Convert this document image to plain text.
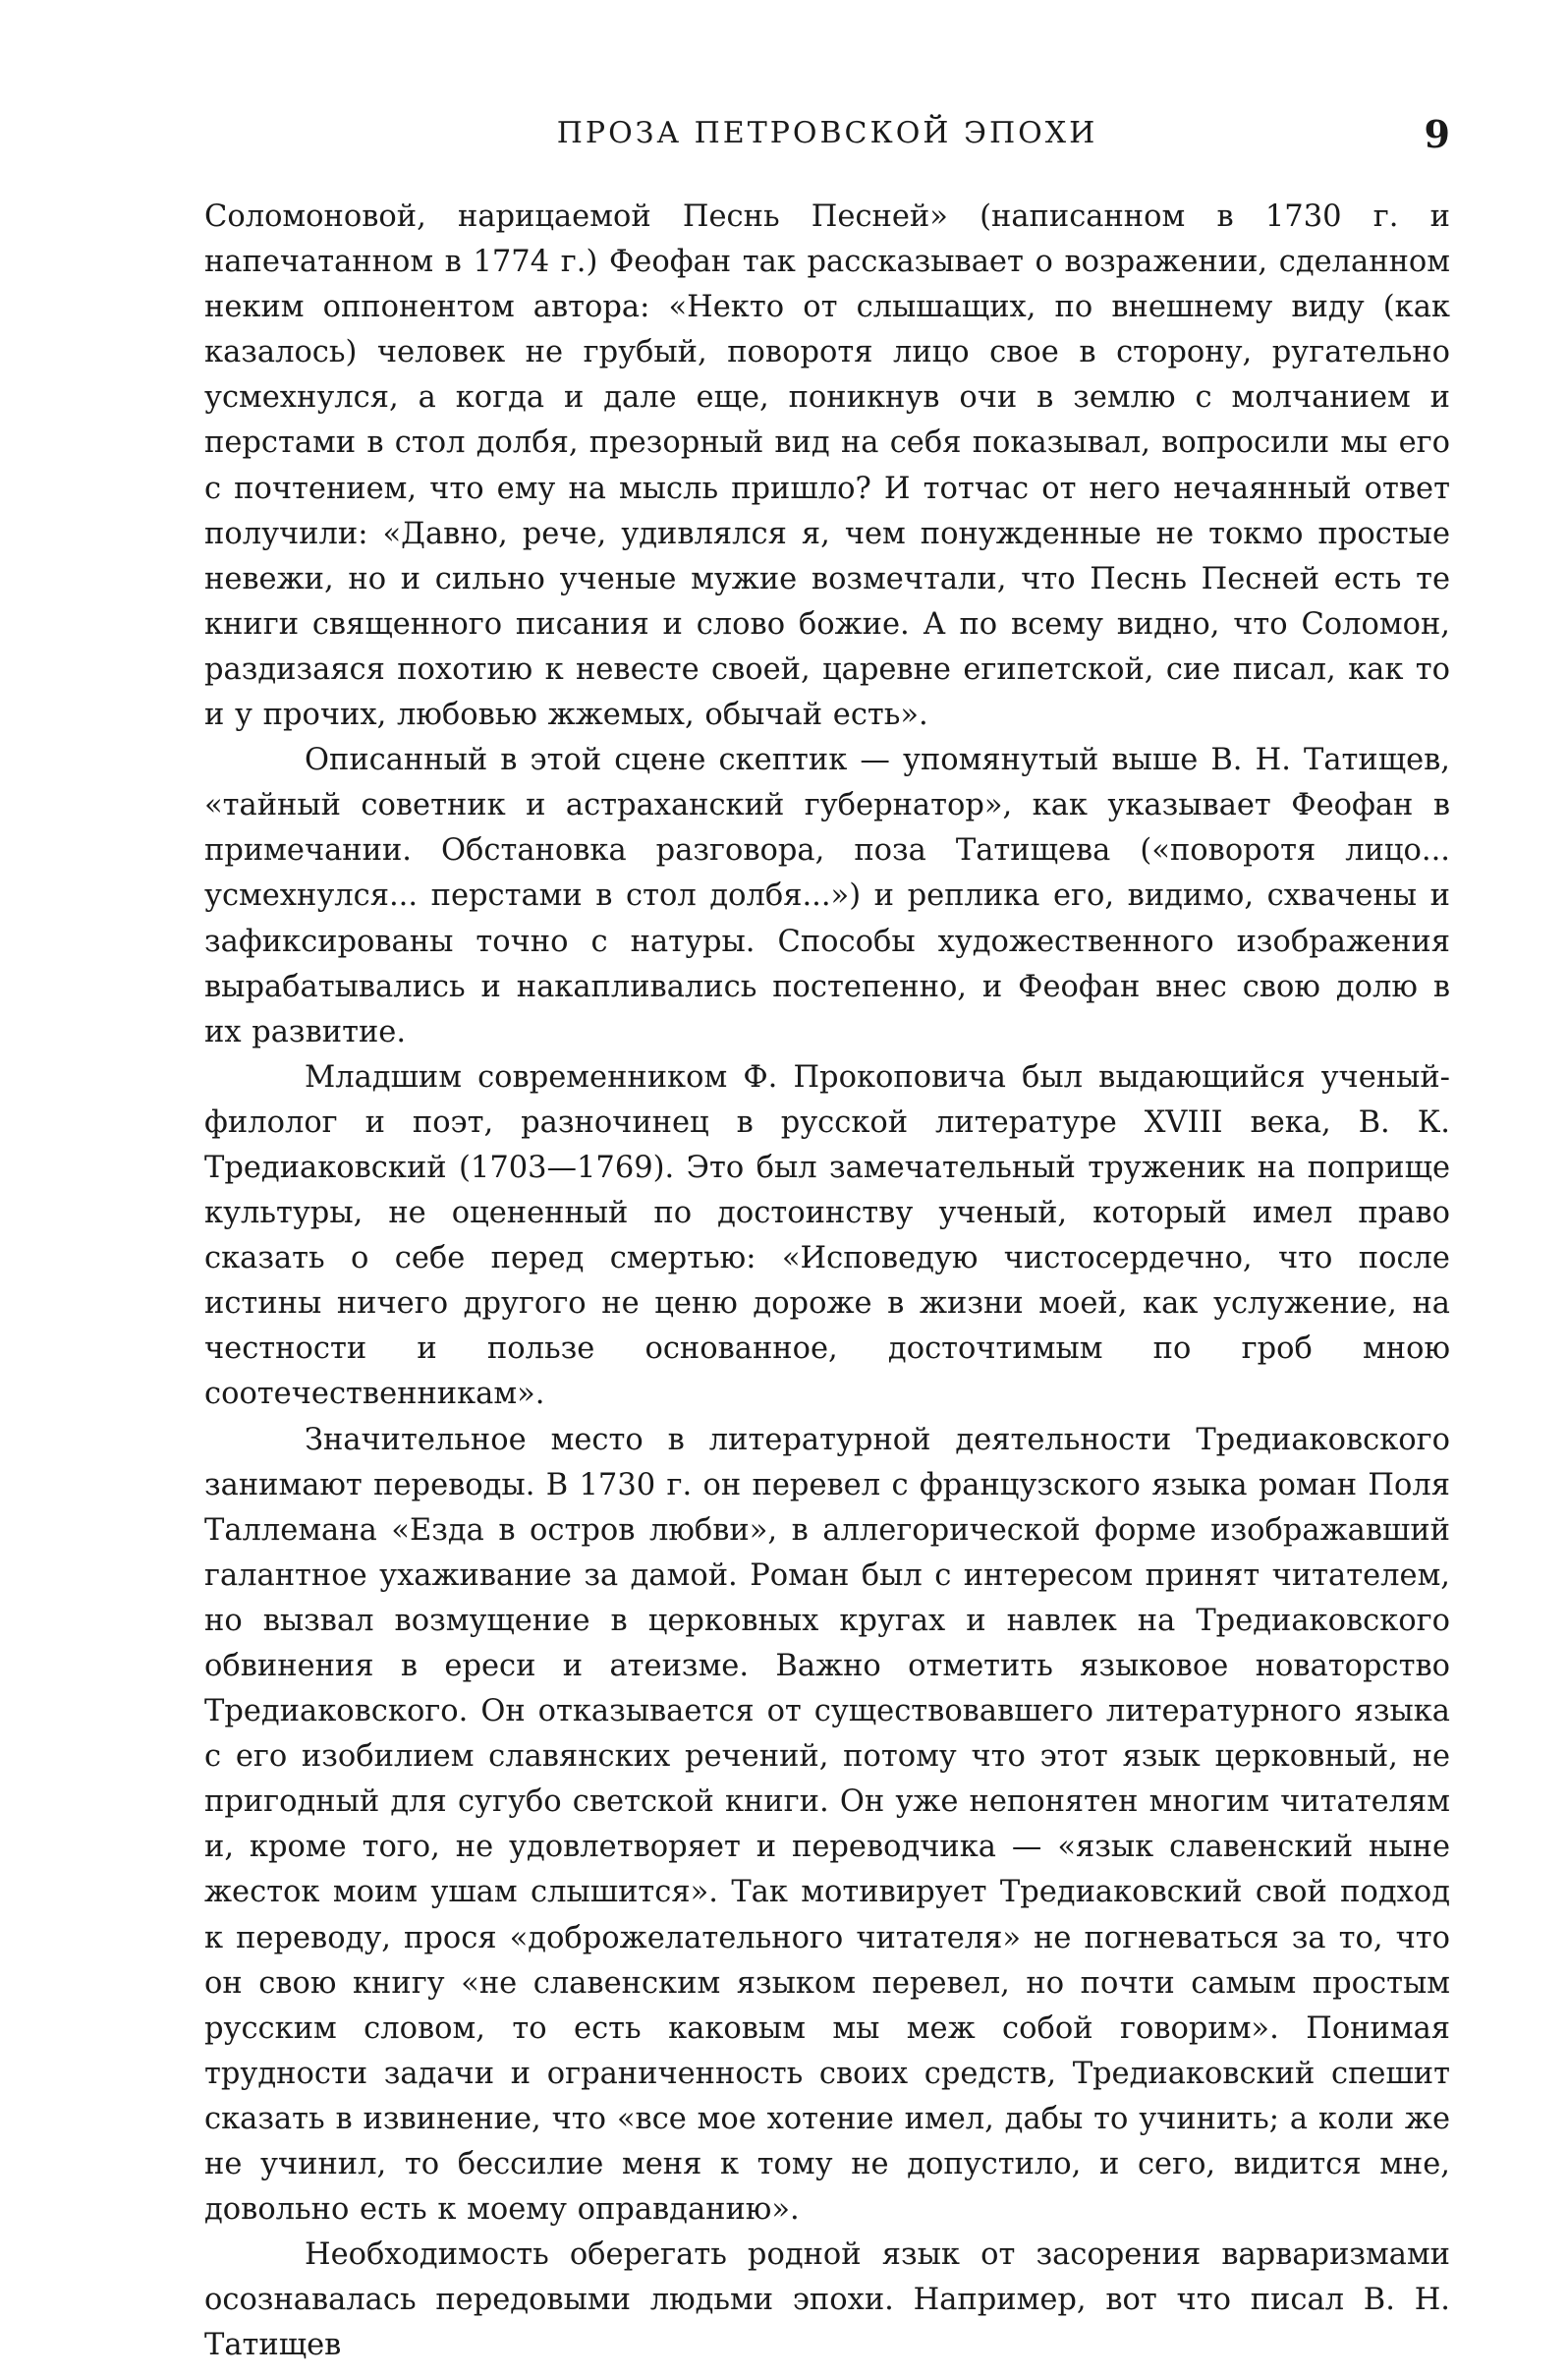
ПРОЗА ПЕТРОВСКОЙ ЭПОХИ	9

Соломоновой, нарицаемой Песнь Песней» (написанном в 1730 г. и напечатанном в 1774 г.) Феофан так рассказывает о возражении, сделанном неким оппонентом автора: «Некто от слышащих, по внешнему виду (как казалось) человек не грубый, поворотя лицо свое в сторону, ругательно усмехнулся, а когда и дале еще, поникнув очи в землю с молчанием и перстами в стол долбя, презорный вид на себя показывал, вопросили мы его с почтением, что ему на мысль пришло? И тотчас от него нечаянный ответ получили: «Давно, рече, удивлялся я, чем понужденные не токмо простые невежи, но и сильно ученые мужие возмечтали, что Песнь Песней есть те книги священного писания и слово божие. А по всему видно, что Соломон, раздизаяся похотию к невесте своей, царевне египетской, сие писал, как то и у прочих, любовью жжемых, обычай есть».

Описанный в этой сцене скептик — упомянутый выше В. Н. Татищев, «тайный советник и астраханский губернатор», как указывает Феофан в примечании. Обстановка разговора, поза Татищева («поворотя лицо... усмехнулся... перстами в стол долбя...») и реплика его, видимо, схвачены и зафиксированы точно с натуры. Способы художественного изображения вырабатывались и накапливались постепенно, и Феофан внес свою долю в их развитие.

Младшим современником Ф. Прокоповича был выдающийся ученый-филолог и поэт, разночинец в русской литературе XVIII века, В. К. Тредиаковский (1703—1769). Это был замечательный труженик на поприще культуры, не оцененный по достоинству ученый, который имел право сказать о себе перед смертью: «Исповедую чистосердечно, что после истины ничего другого не ценю дороже в жизни моей, как услужение, на честности и пользе основанное, досточтимым по гроб мною соотечественникам».

Значительное место в литературной деятельности Тредиаковского занимают переводы. В 1730 г. он перевел с французского языка роман Поля Таллемана «Езда в остров любви», в аллегорической форме изображавший галантное ухаживание за дамой. Роман был с интересом принят читателем, но вызвал возмущение в церковных кругах и навлек на Тредиаковского обвинения в ереси и атеизме. Важно отметить языковое новаторство Тредиаковского. Он отказывается от существовавшего литературного языка с его изобилием славянских речений, потому что этот язык церковный, не пригодный для сугубо светской книги. Он уже непонятен многим читателям и, кроме того, не удовлетворяет и переводчика — «язык славенский ныне жесток моим ушам слышится». Так мотивирует Тредиаковский свой подход к переводу, прося «доброжелательного читателя» не погневаться за то, что он свою книгу «не славенским языком перевел, но почти самым простым русским словом, то есть каковым мы меж собой говорим». Понимая трудности задачи и ограниченность своих средств, Тредиаковский спешит сказать в извинение, что «все мое хотение имел, дабы то учинить; а коли же не учинил, то бессилие меня к тому не допустило, и сего, видится мне, довольно есть к моему оправданию».

Необходимость оберегать родной язык от засорения варваризмами осознавалась передовыми людьми эпохи. Например, вот что писал В. Н. Татищев
